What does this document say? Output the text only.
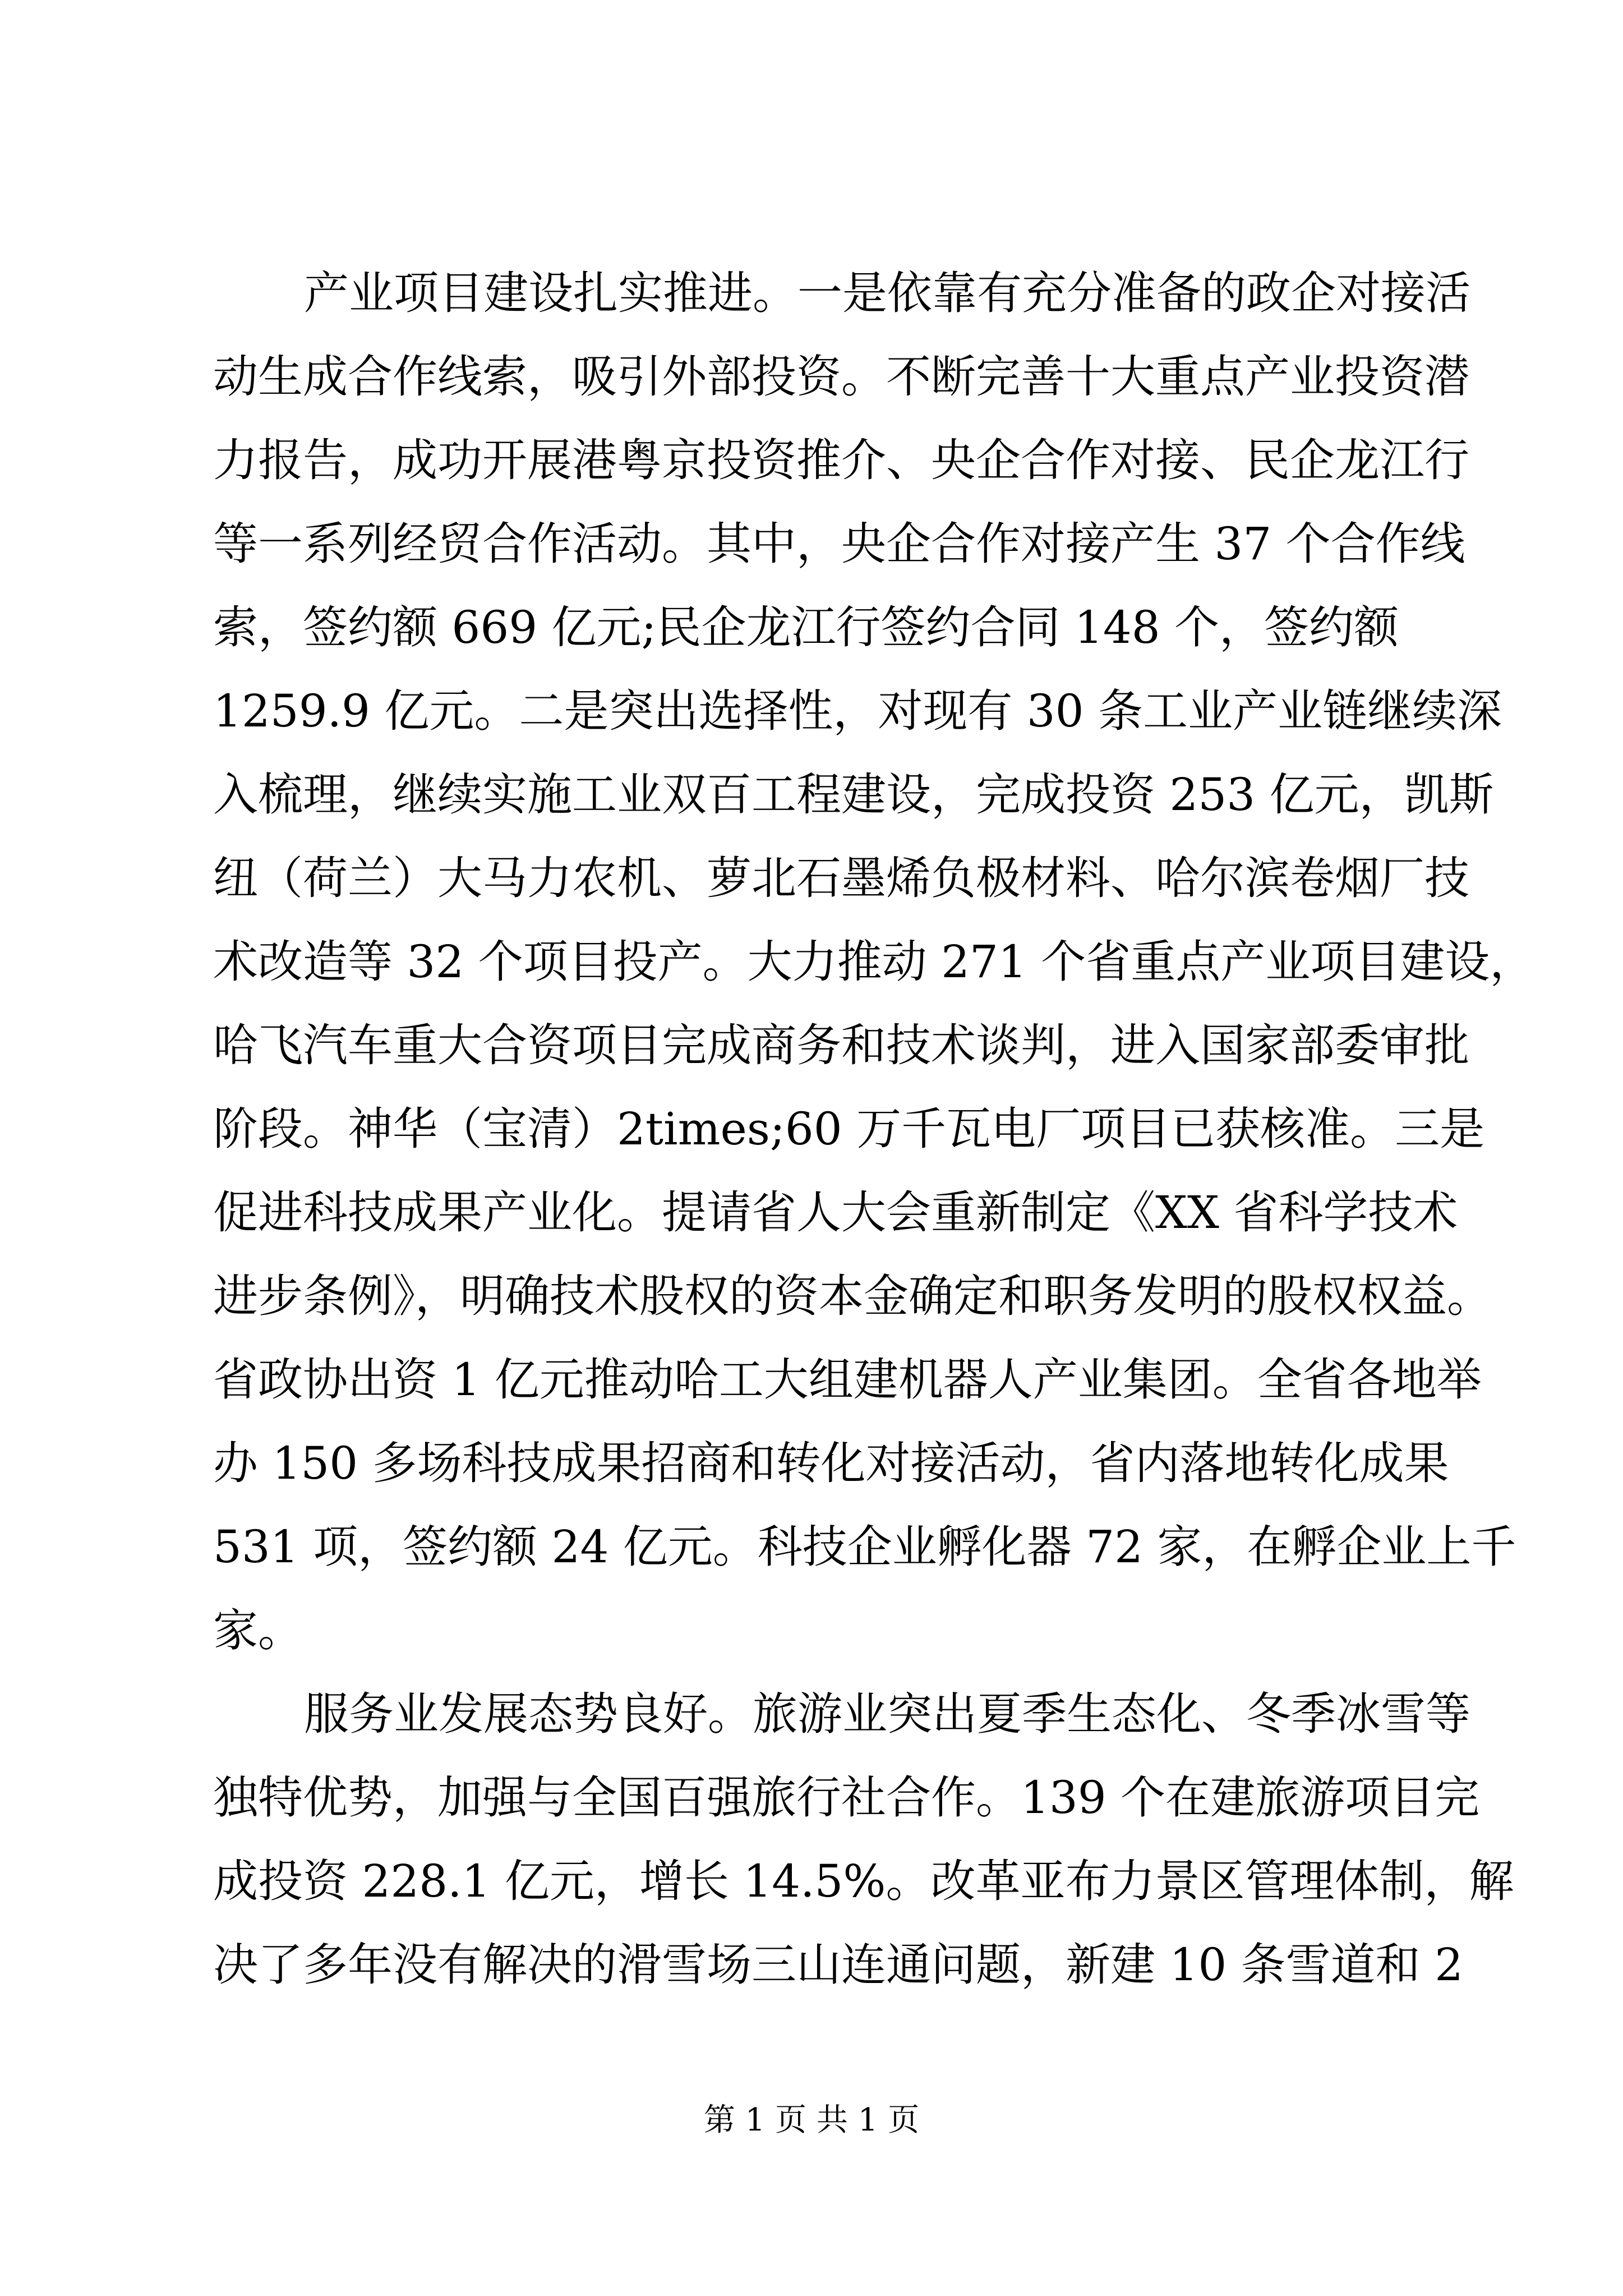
产业项目建设扎实推进。一是依靠有充分准备的政企对接活
动生成合作线索，吸引外部投资。不断完善十大重点产业投资潜
力报告，成功开展港粤京投资推介、央企合作对接、民企龙江行
等一系列经贸合作活动。其中，央企合作对接产生 37 个合作线
索，签约额 669 亿元;民企龙江行签约合同 148 个，签约额
1259.9 亿元。二是突出选择性，对现有 30 条工业产业链继续深
入梳理，继续实施工业双百工程建设，完成投资 253 亿元，凯斯
纽（荷兰）大马力农机、萝北石墨烯负极材料、哈尔滨卷烟厂技
术改造等 32 个项目投产。大力推动 271 个省重点产业项目建设，
哈飞汽车重大合资项目完成商务和技术谈判，进入国家部委审批
阶段。神华（宝清）2times;60 万千瓦电厂项目已获核准。三是
促进科技成果产业化。提请省人大会重新制定《XX 省科学技术
进步条例》，明确技术股权的资本金确定和职务发明的股权权益。
省政协出资 1 亿元推动哈工大组建机器人产业集团。全省各地举
办 150 多场科技成果招商和转化对接活动，省内落地转化成果
531 项，签约额 24 亿元。科技企业孵化器 72 家，在孵企业上千
家。
服务业发展态势良好。旅游业突出夏季生态化、冬季冰雪等
独特优势，加强与全国百强旅行社合作。139 个在建旅游项目完
成投资 228.1 亿元，增长 14.5%。改革亚布力景区管理体制，解
决了多年没有解决的滑雪场三山连通问题，新建 10 条雪道和 2
第 1 页 共 1 页
